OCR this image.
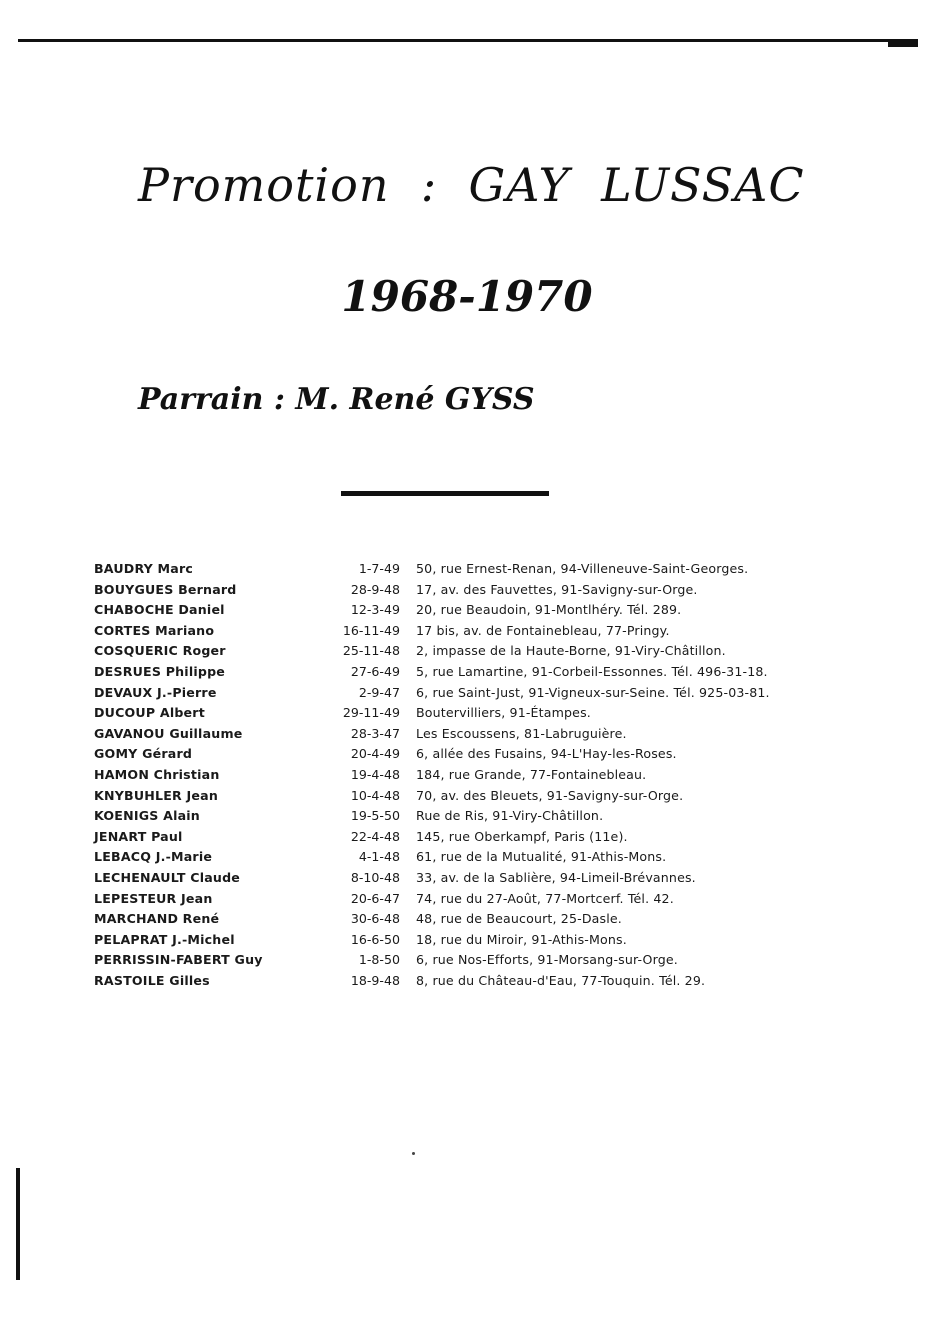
Promotion  :  GAY  LUSSAC
1968-1970
Parrain : M. René GYSS
BAUDRY Marc	1-7-49 50, rue Ernest-Renan, 94-Villeneuve-Saint-Georges.
BOUYGUES Bernard	28-9-48 17, av. des Fauvettes, 91-Savigny-sur-Orge.
CHABOCHE Daniel	12-3-49 20, rue Beaudoin, 91-Montlhéry. Tél. 289.
CORTES Mariano	16-11-49 17 bis, av. de Fontainebleau, 77-Pringy.
COSQUERIC Roger	25-11-48 2, impasse de la Haute-Borne, 91-Viry-Châtillon.
DESRUES Philippe	27-6-49 5, rue Lamartine, 91-Corbeil-Essonnes. Tél. 496-31-18.
DEVAUX J.-Pierre	2-9-47 6, rue Saint-Just, 91-Vigneux-sur-Seine. Tél. 925-03-81.
DUCOUP Albert	29-11-49 Boutervilliers, 91-Étampes.
GAVANOU Guillaume	28-3-47 Les Escoussens, 81-Labruguière.
GOMY Gérard	20-4-49 6, allée des Fusains, 94-L'Hay-les-Roses.
HAMON Christian	19-4-48 184, rue Grande, 77-Fontainebleau.
KNYBUHLER Jean	10-4-48 70, av. des Bleuets, 91-Savigny-sur-Orge.
KOENIGS Alain	19-5-50 Rue de Ris, 91-Viry-Châtillon.
JENART Paul	22-4-48 145, rue Oberkampf, Paris (11e).
LEBACQ J.-Marie	4-1-48 61, rue de la Mutualité, 91-Athis-Mons.
LECHENAULT Claude	8-10-48 33, av. de la Sablière, 94-Limeil-Brévannes.
LEPESTEUR Jean	20-6-47 74, rue du 27-Août, 77-Mortcerf. Tél. 42.
MARCHAND René	30-6-48 48, rue de Beaucourt, 25-Dasle.
PELAPRAT J.-Michel	16-6-50 18, rue du Miroir, 91-Athis-Mons.
PERRISSIN-FABERT Guy	1-8-50 6, rue Nos-Efforts, 91-Morsang-sur-Orge.
RASTOILE Gilles	18-9-48 8, rue du Château-d'Eau, 77-Touquin. Tél. 29.
